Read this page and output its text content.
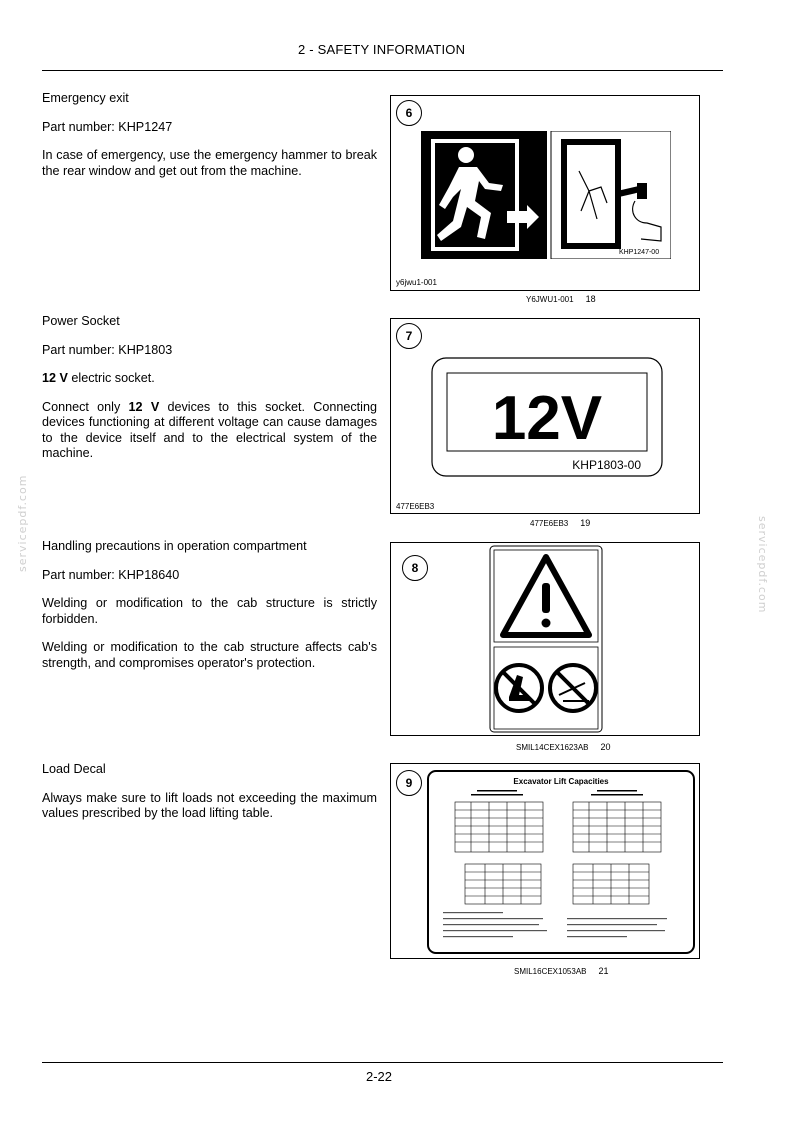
2 - SAFETY INFORMATION
servicepdf.com	servicepdf.com

Emergency exit

Part number: KHP1247

In case of emergency, use the emergency hammer to break the rear window and get out from the machine.

6
KHP1247-00
y6jwu1-001
Y6JWU1-001 18

Power Socket

Part number: KHP1803

12 V electric socket.

Connect only 12 V devices to this socket. Connecting devices functioning at different voltage can cause damages to the device itself and to the electrical system of the machine.

7
12V
KHP1803-00
477E6EB3
477E6EB3 19

Handling precautions in operation compartment

Part number: KHP18640

Welding or modification to the cab structure is strictly forbidden.

Welding or modification to the cab structure affects cab's strength, and compromises operator's protection.

8
SMIL14CEX1623AB 20

Load Decal

Always make sure to lift loads not exceeding the maximum values prescribed by the load lifting table.

9	Excavator Lift Capacities
SMIL16CEX1053AB 21
2-22
